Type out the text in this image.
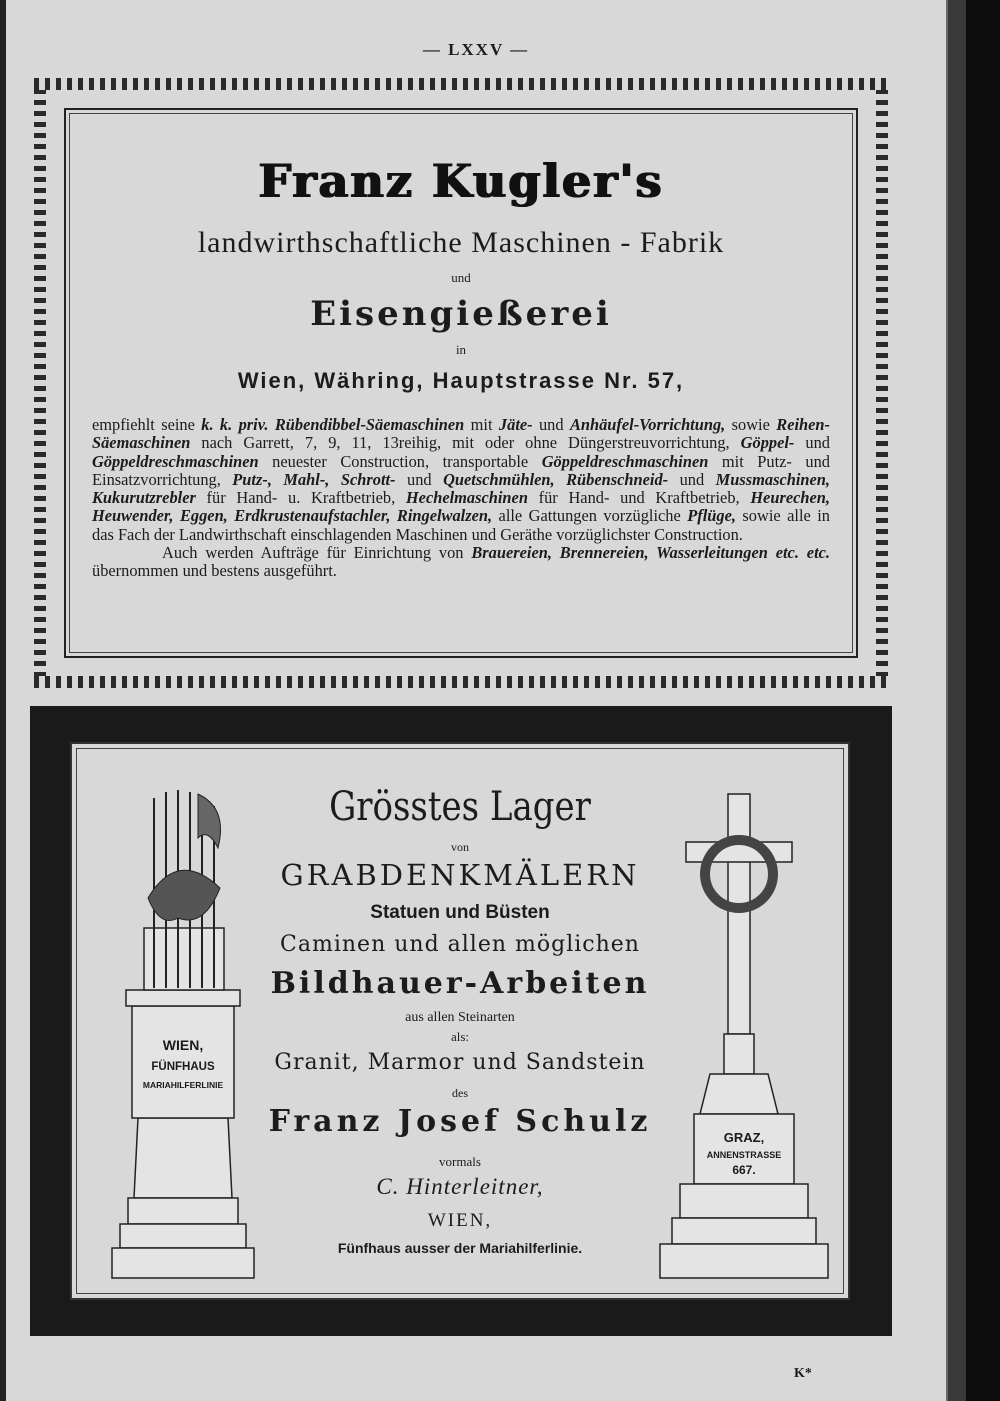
— LXXV —
Franz Kugler's
landwirthschaftliche Maschinen - Fabrik
und
Eisengießerei
in
Wien, Währing, Hauptstrasse Nr. 57,
empfiehlt seine k. k. priv. Rübendibbel-Säemaschinen mit Jäte- und Anhäufel-Vorrichtung, sowie Reihen-Säemaschinen nach Garrett, 7, 9, 11, 13reihig, mit oder ohne Düngerstreuvorrichtung, Göppel- und Göppeldreschmaschinen neuester Construction, transportable Göppeldreschmaschinen mit Putz- und Einsatzvorrichtung, Putz-, Mahl-, Schrott- und Quetschmühlen, Rübenschneid- und Mussmaschinen, Kukurutzrebler für Hand- u. Kraftbetrieb, Hechelmaschinen für Hand- und Kraftbetrieb, Heurechen, Heuwender, Eggen, Erdkrustenaufstachler, Ringelwalzen, alle Gattungen vorzügliche Pflüge, sowie alle in das Fach der Landwirthschaft einschlagenden Maschinen und Geräthe vorzüglichster Construction.
Auch werden Aufträge für Einrichtung von Brauereien, Brennereien, Wasserleitungen etc. etc. übernommen und bestens ausgeführt.
WIEN,
FÜNFHAUS
MARIAHILFERLINIE
GRAZ,
ANNENSTRASSE
667.
Grösstes Lager
von
GRABDENKMÄLERN
Statuen und Büsten
Caminen und allen möglichen
Bildhauer-Arbeiten
aus allen Steinarten
als:
Granit, Marmor und Sandstein
des
Franz Josef Schulz
vormals
C. Hinterleitner,
WIEN,
Fünfhaus ausser der Mariahilferlinie.
K*
